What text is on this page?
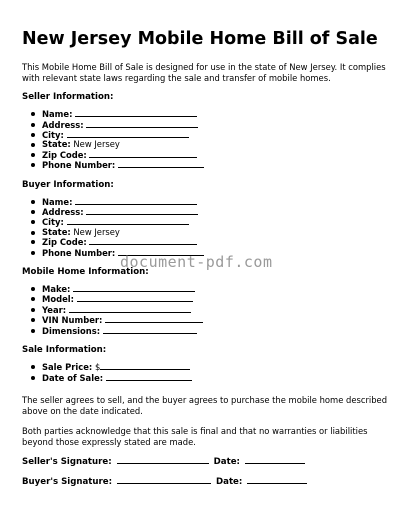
New Jersey Mobile Home Bill of Sale

This Mobile Home Bill of Sale is designed for use in the state of New Jersey. It complies with relevant state laws regarding the sale and transfer of mobile homes.

Seller Information:
Name:
Address:
City:
State: New Jersey
Zip Code:
Phone Number:
Buyer Information:
Name:
Address:
City:
State: New Jersey
Zip Code:
Phone Number:
Mobile Home Information:
Make:
Model:
Year:
VIN Number:
Dimensions:
Sale Information:
Sale Price: $
Date of Sale:

The seller agrees to sell, and the buyer agrees to purchase the mobile home described above on the date indicated.

Both parties acknowledge that this sale is final and that no warranties or liabilities beyond those expressly stated are made.

Seller's Signature:	Date:
Buyer's Signature:	Date:
document-pdf.com
